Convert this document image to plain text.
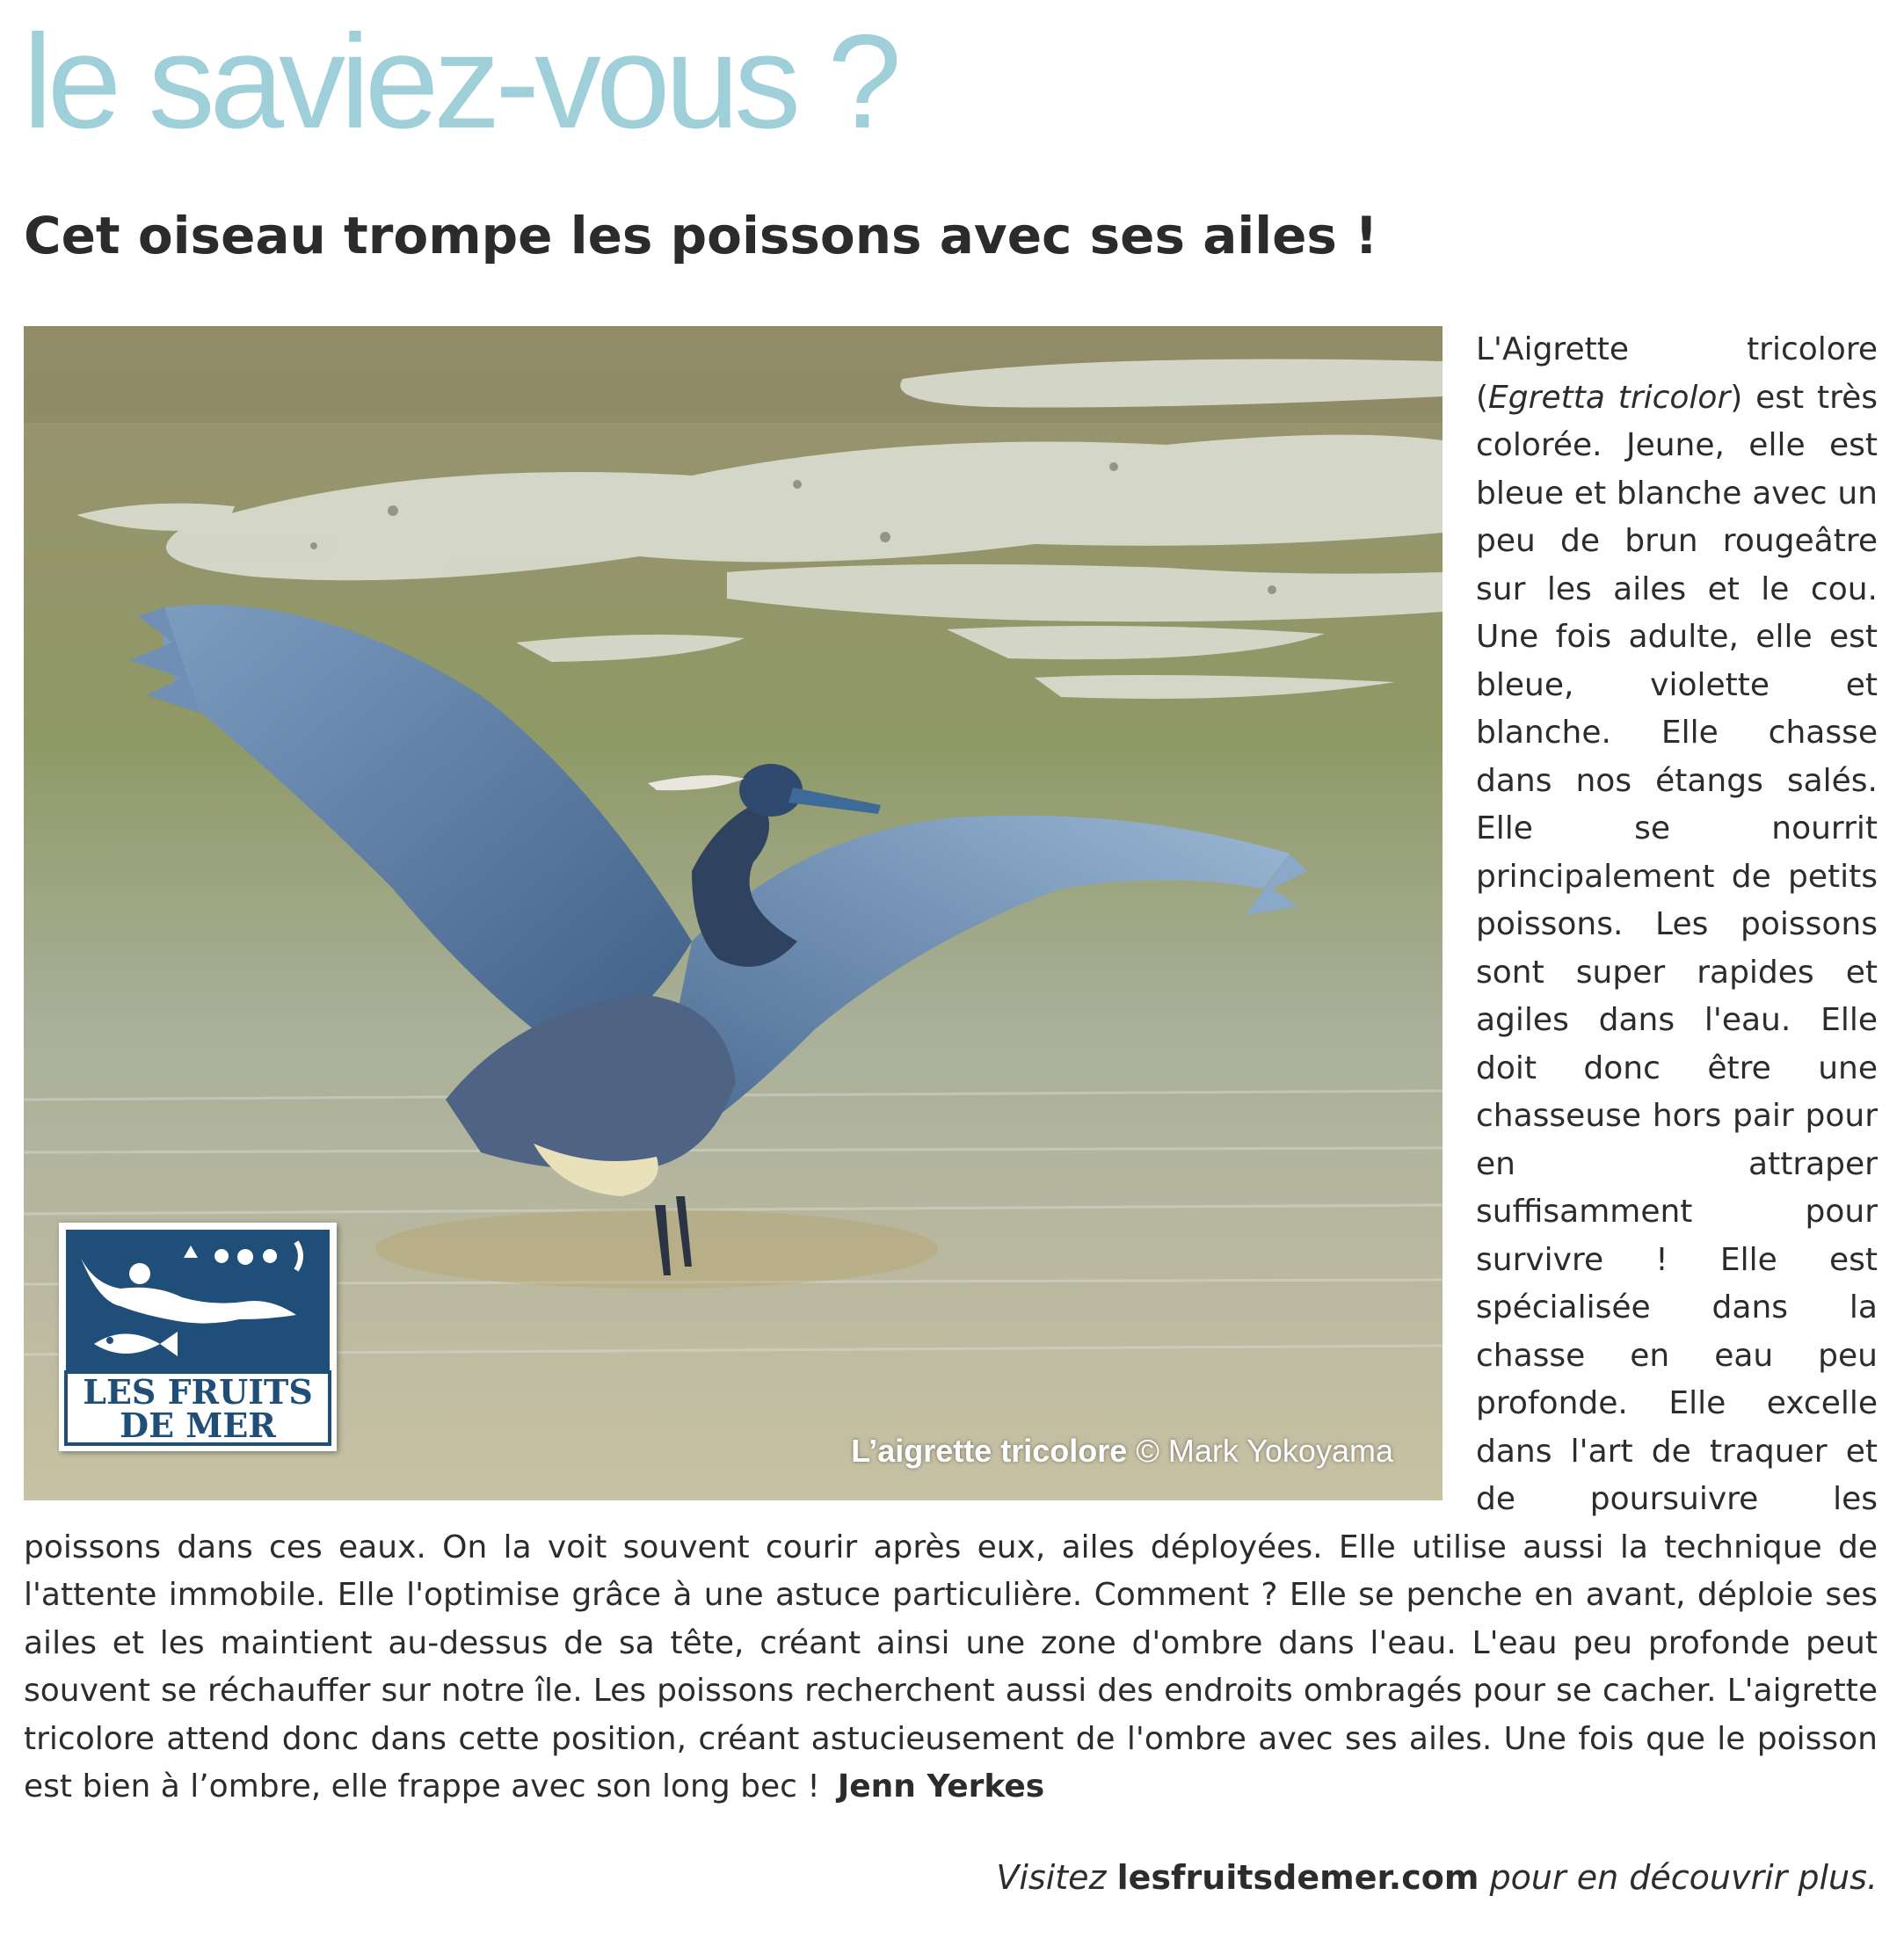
le saviez-vous ?
Cet oiseau trompe les poissons avec ses ailes !
LES FRUITS
DE MER
L’aigrette tricolore © Mark Yokoyama
L'Aigrette tricolore (Egretta tricolor) est très colorée. Jeune, elle est bleue et blanche avec un peu de brun rougeâtre sur les ailes et le cou. Une fois adulte, elle est bleue, violette et blanche. Elle chasse dans nos étangs salés. Elle se nourrit principalement de petits poissons. Les poissons sont super rapides et agiles dans l'eau. Elle doit donc être une chasseuse hors pair pour en attraper suffisamment pour survivre ! Elle est spécialisée dans la chasse en eau peu profonde. Elle excelle dans l'art de traquer et de poursuivre les poissons dans ces eaux. On la voit souvent courir après eux, ailes déployées. Elle utilise aussi la technique de l'attente immobile. Elle l'optimise grâce à une astuce particulière. Comment ? Elle se penche en avant, déploie ses ailes et les maintient au-dessus de sa tête, créant ainsi une zone d'ombre dans l'eau. L'eau peu profonde peut souvent se réchauffer sur notre île. Les poissons recherchent aussi des endroits ombragés pour se cacher. L'aigrette tricolore attend donc dans cette position, créant astucieusement de l'ombre avec ses ailes. Une fois que le poisson est bien à l’ombre, elle frappe avec son long bec ! Jenn Yerkes

Visitez lesfruitsdemer.com pour en découvrir plus.
